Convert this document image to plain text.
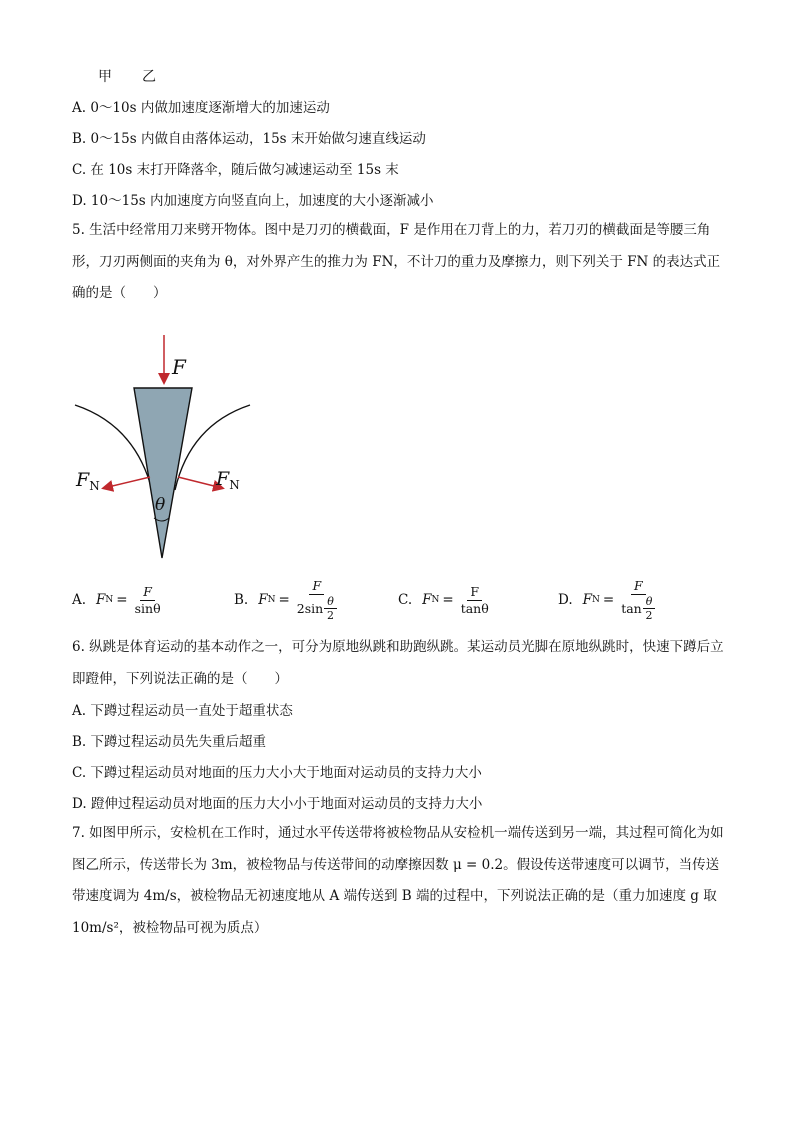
甲 乙
A. 0～10s 内做加速度逐渐增大的加速运动
B. 0～15s 内做自由落体运动，15s 末开始做匀速直线运动
C. 在 10s 末打开降落伞，随后做匀减速运动至 15s 末
D. 10～15s 内加速度方向竖直向上，加速度的大小逐渐减小
5. 生活中经常用刀来劈开物体。图中是刀刃的横截面，F 是作用在刀背上的力，若刀刃的横截面是等腰三角形，刀刃两侧面的夹角为 θ，对外界产生的推力为 FN，不计刀的重力及摩擦力，则下列关于 FN 的表达式正确的是（　　）
θ
F
$F_N$	$F_N$
A. F $N = \frac{F}{\sin\theta}$	B. F $N = \frac{F}{2\sin \frac{\theta}{2}}$	C. F $N = \frac{F}{\tan\theta}$	D. F $N = \frac{F}{\tan \frac{\theta}{2}}$
6. 纵跳是体育运动的基本动作之一，可分为原地纵跳和助跑纵跳。某运动员光脚在原地纵跳时，快速下蹲后立即蹬伸，下列说法正确的是（　　）
A. 下蹲过程运动员一直处于超重状态
B. 下蹲过程运动员先失重后超重
C. 下蹲过程运动员对地面的压力大小大于地面对运动员的支持力大小
D. 蹬伸过程运动员对地面的压力大小小于地面对运动员的支持力大小
7. 如图甲所示，安检机在工作时，通过水平传送带将被检物品从安检机一端传送到另一端，其过程可简化为如图乙所示，传送带长为 3m，被检物品与传送带间的动摩擦因数 μ = 0.2。假设传送带速度可以调节，当传送带速度调为 4m/s，被检物品无初速度地从 A 端传送到 B 端的过程中，下列说法正确的是（重力加速度 g 取 10m/s²，被检物品可视为质点）
